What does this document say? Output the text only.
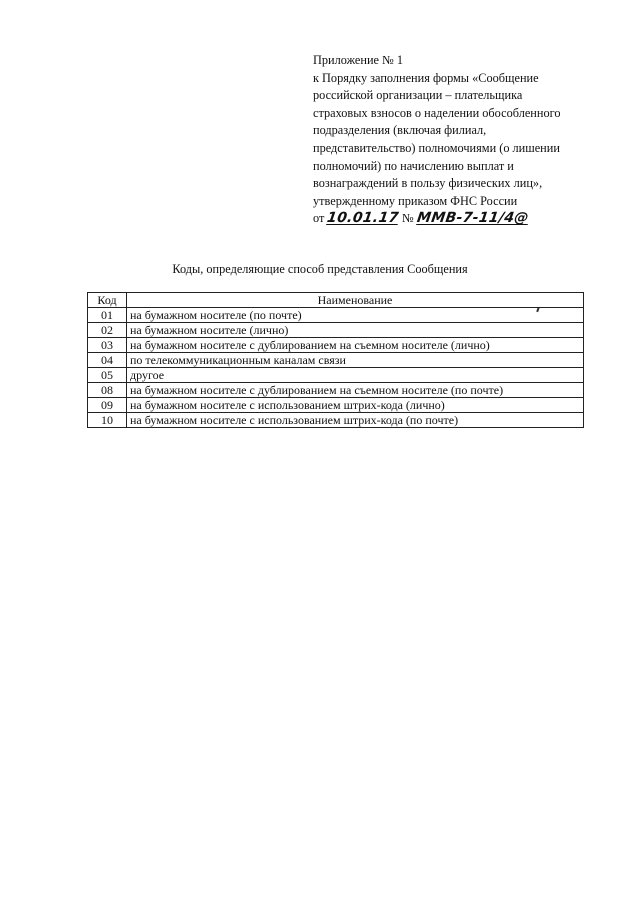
Приложение № 1
к Порядку заполнения формы «Сообщение
российской организации – плательщика
страховых взносов о наделении обособленного
подразделения (включая филиал,
представительство) полномочиями (о лишении
полномочий) по начислению выплат и
вознаграждений в пользу физических лиц»,
утвержденному приказом ФНС России
от 10.01.17 № ММВ-7-11/4@
Коды, определяющие способ представления Сообщения
Код	Наименование
01	на бумажном носителе (по почте)
02	на бумажном носителе (лично)
03	на бумажном носителе с дублированием на съемном носителе (лично)
04	по телекоммуникационным каналам связи
05	другое
08	на бумажном носителе с дублированием на съемном носителе (по почте)
09	на бумажном носителе с использованием штрих-кода (лично)
10	на бумажном носителе с использованием штрих-кода (по почте)
